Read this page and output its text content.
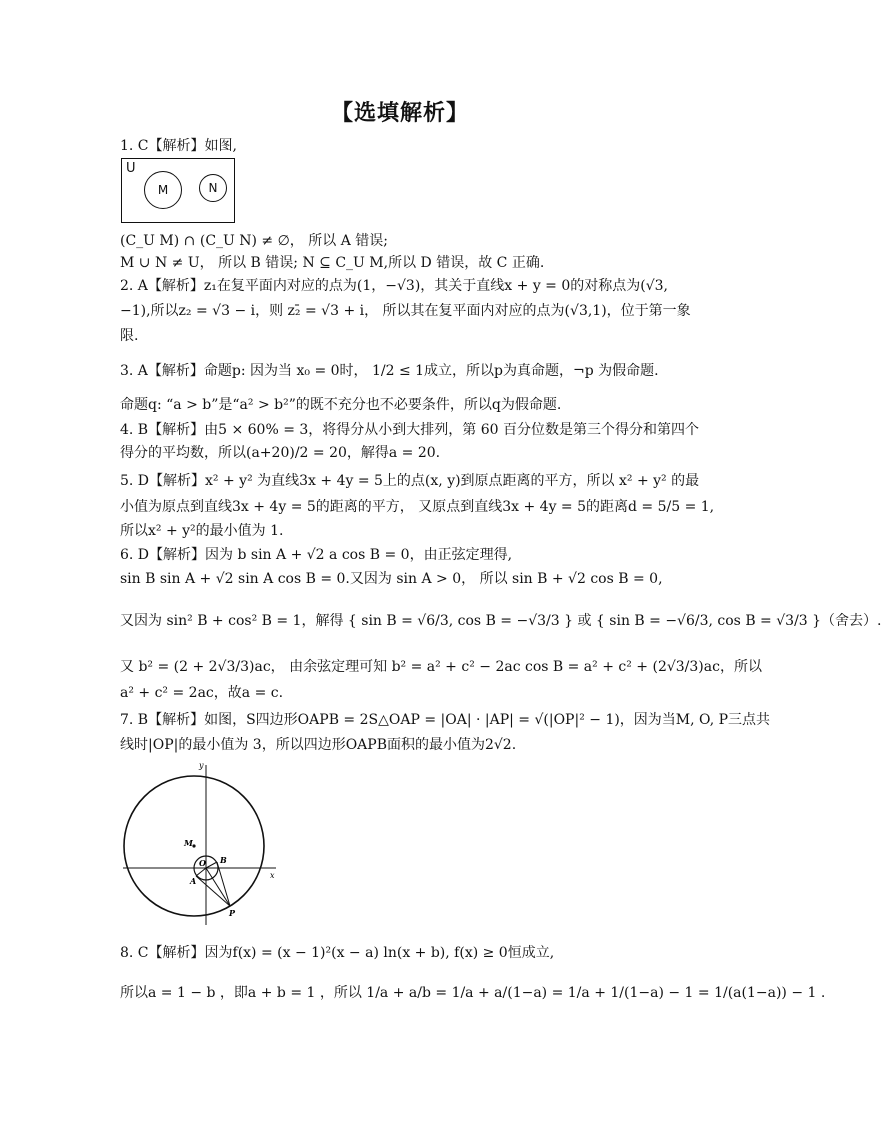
【选填解析】
1. C【解析】如图,
U
M	N
(C_U M) ∩ (C_U N) ≠ ∅， 所以 A 错误;
M ∪ N ≠ U， 所以 B 错误; N ⊆ C_U M,所以 D 错误，故 C 正确.
2. A【解析】z₁在复平面内对应的点为(1，−√3)，其关于直线x + y = 0的对称点为(√3,
−1),所以z₂ = √3 − i，则 z₂̄ = √3 + i， 所以其在复平面内对应的点为(√3,1)，位于第一象
限.
3. A【解析】命题p: 因为当 x₀ = 0时， 1/2 ≤ 1成立，所以p为真命题，¬p 为假命题.
命题q: “a > b”是“a² > b²”的既不充分也不必要条件，所以q为假命题.
4. B【解析】由5 × 60% = 3，将得分从小到大排列，第 60 百分位数是第三个得分和第四个
得分的平均数，所以(a+20)/2 = 20，解得a = 20.
5. D【解析】x² + y² 为直线3x + 4y = 5上的点(x, y)到原点距离的平方，所以 x² + y² 的最
小值为原点到直线3x + 4y = 5的距离的平方， 又原点到直线3x + 4y = 5的距离d = 5/5 = 1,
所以x² + y²的最小值为 1.
6. D【解析】因为 b sin A + √2 a cos B = 0，由正弦定理得,
sin B sin A + √2 sin A cos B = 0.又因为 sin A > 0， 所以 sin B + √2 cos B = 0,
又因为 sin² B + cos² B = 1，解得 { sin B = √6/3, cos B = −√3/3 } 或 { sin B = −√6/3, cos B = √3/3 }（舍去）.
又 b² = (2 + 2√3/3)ac， 由余弦定理可知 b² = a² + c² − 2ac cos B = a² + c² + (2√3/3)ac，所以
a² + c² = 2ac，故a = c.
7. B【解析】如图，S四边形OAPB = 2S△OAP = |OA| · |AP| = √(|OP|² − 1)，因为当M, O, P三点共
线时|OP|的最小值为 3，所以四边形OAPB面积的最小值为2√2.
y
x
M
O
A
B
P
8. C【解析】因为f(x) = (x − 1)²(x − a) ln(x + b), f(x) ≥ 0恒成立,
所以a = 1 − b ，即a + b = 1 ，所以 1/a + a/b = 1/a + a/(1−a) = 1/a + 1/(1−a) − 1 = 1/(a(1−a)) − 1 .
